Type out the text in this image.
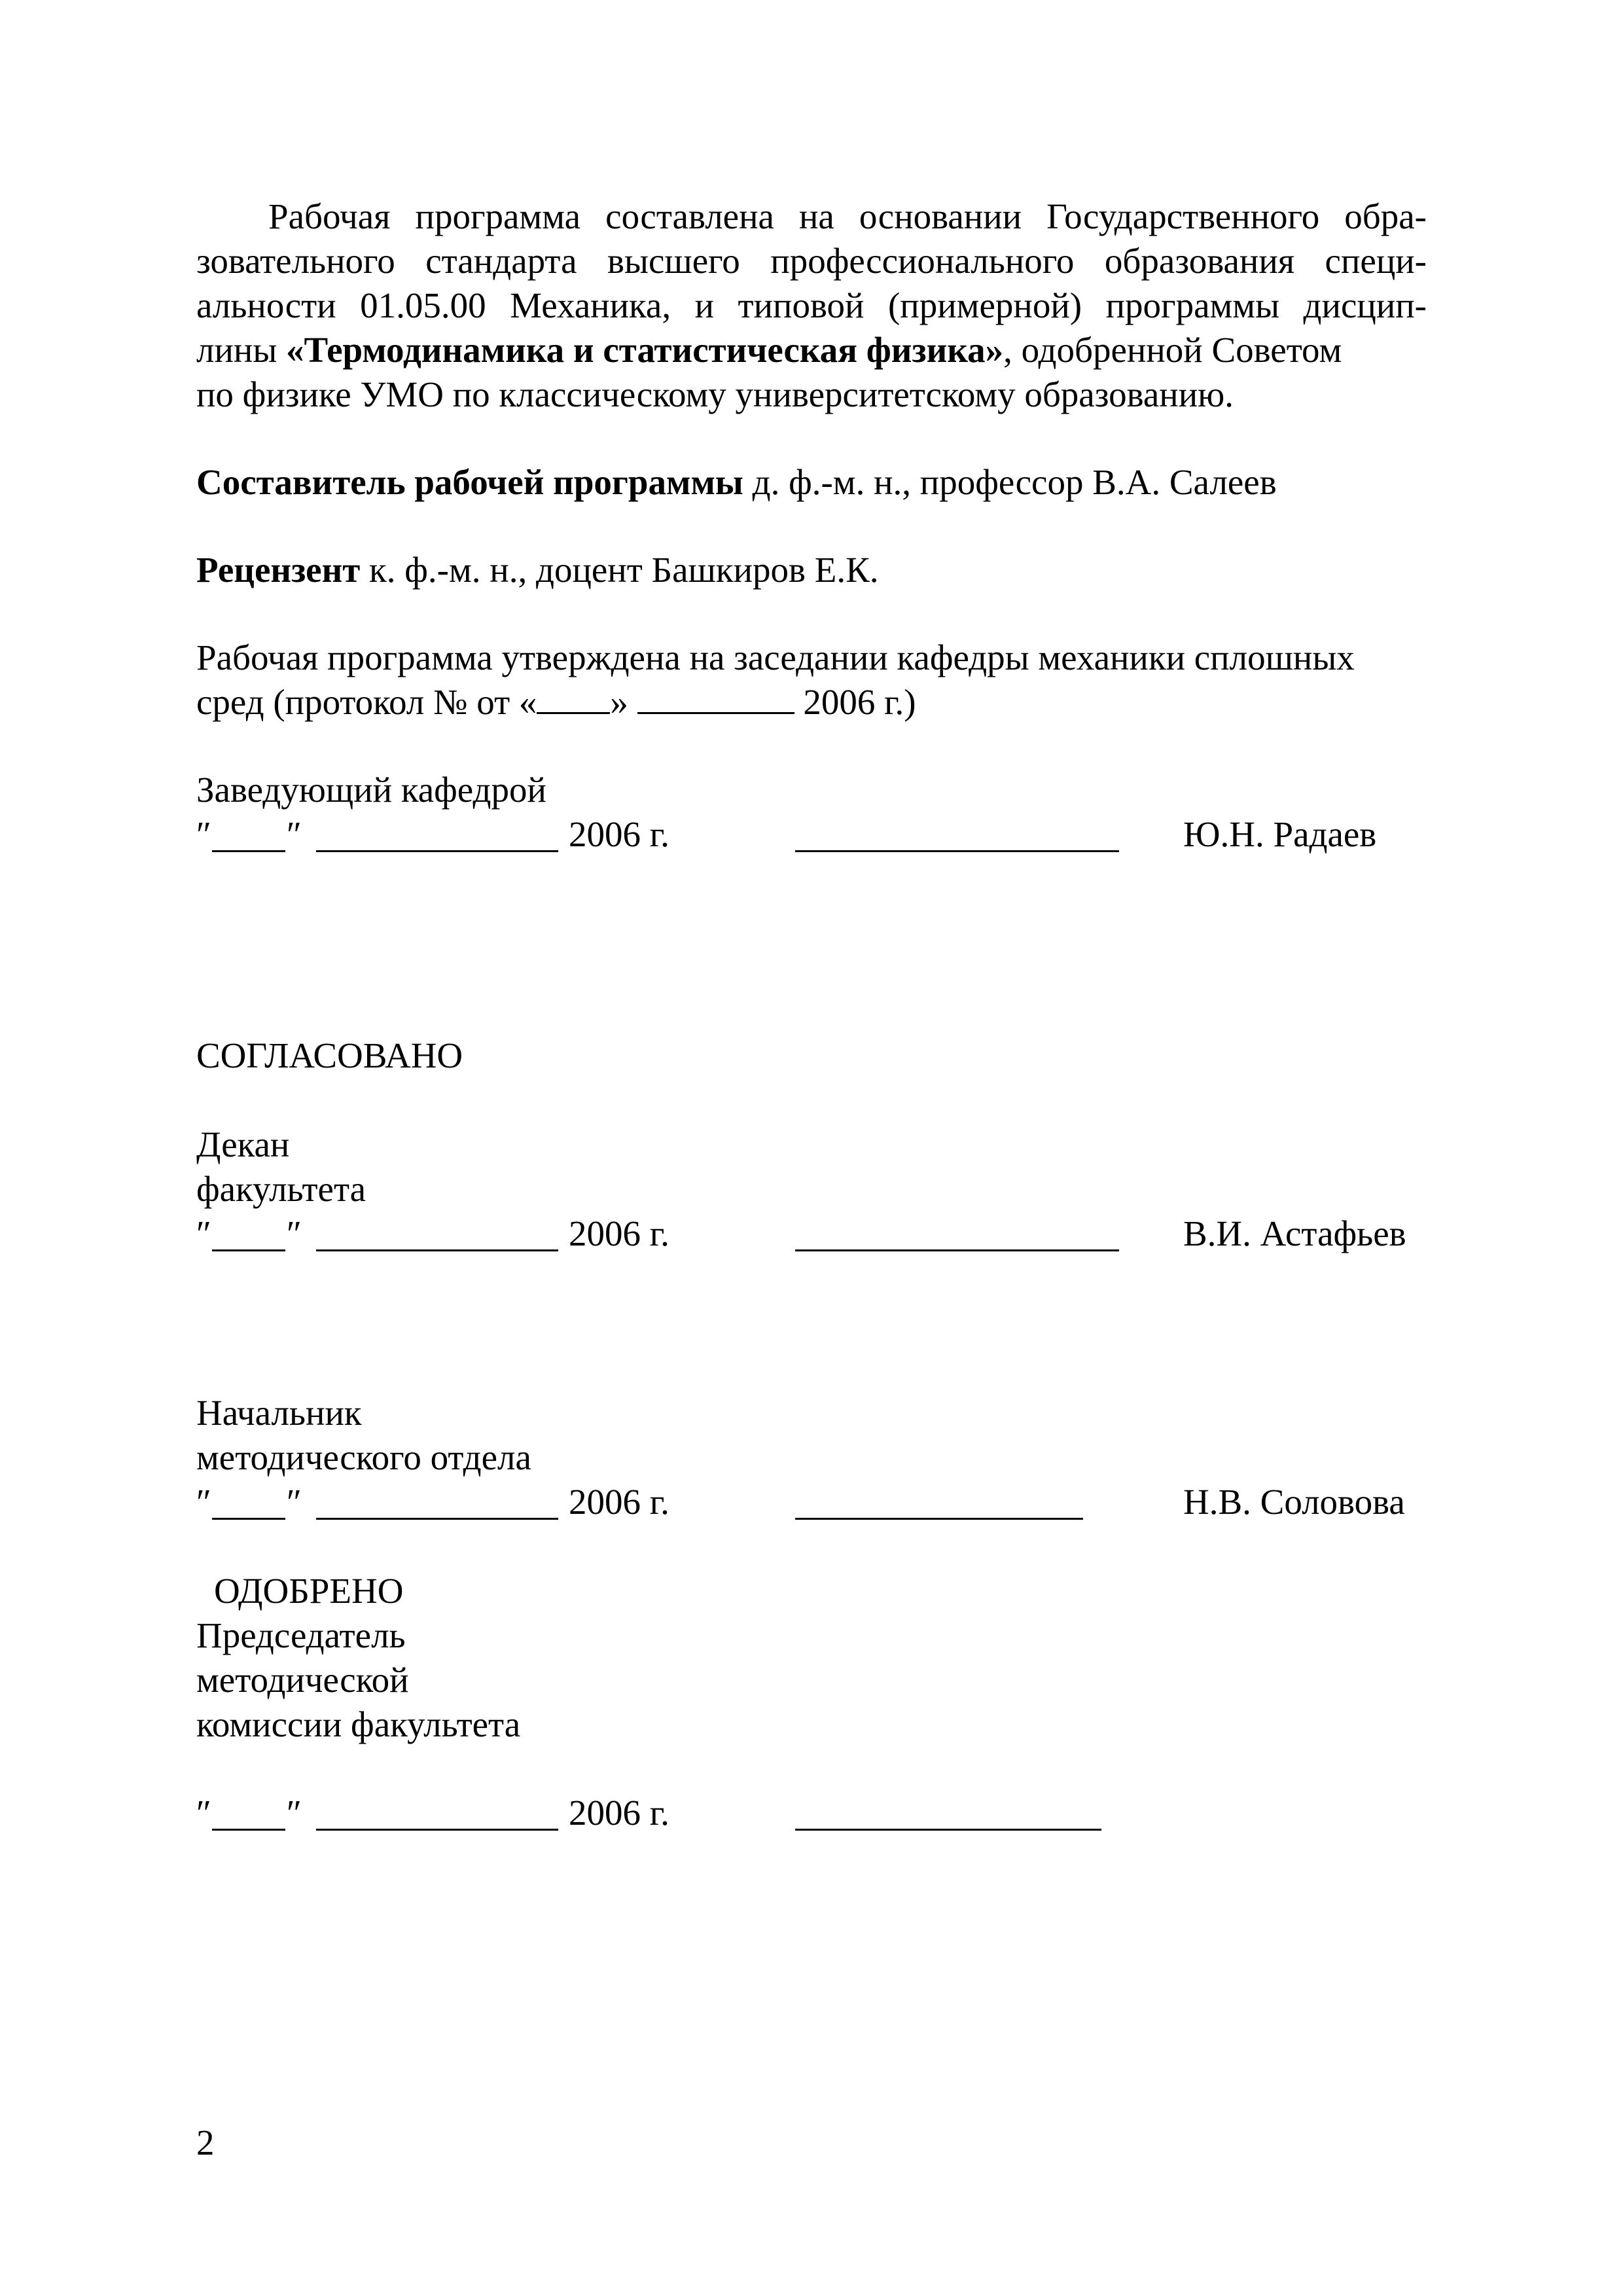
Рабочая программа составлена на основании Государственного обра-
зовательного стандарта высшего профессионального образования специ-
альности 01.05.00 Механика, и типовой (примерной) программы дисцип-
лины «Термодинамика и статистическая физика», одобренной Советом
по физике УМО по классическому университетскому образованию.
Составитель рабочей программы д. ф.-м. н., профессор В.А. Салеев
Рецензент к. ф.-м. н., доцент Башкиров Е.К.
Рабочая программа утверждена на заседании кафедры механики сплошных
сред (протокол № от « »	2006 г.)
Заведующий кафедрой
″ ″	2006 г.	Ю.Н. Радаев
СОГЛАСОВАНО
Декан
факультета
″ ″	2006 г.	В.И. Астафьев
Начальник
методического отдела
″ ″	2006 г.	Н.В. Соловова
ОДОБРЕНО
Председатель
методической
комиссии факультета
″ ″	2006 г.
2
